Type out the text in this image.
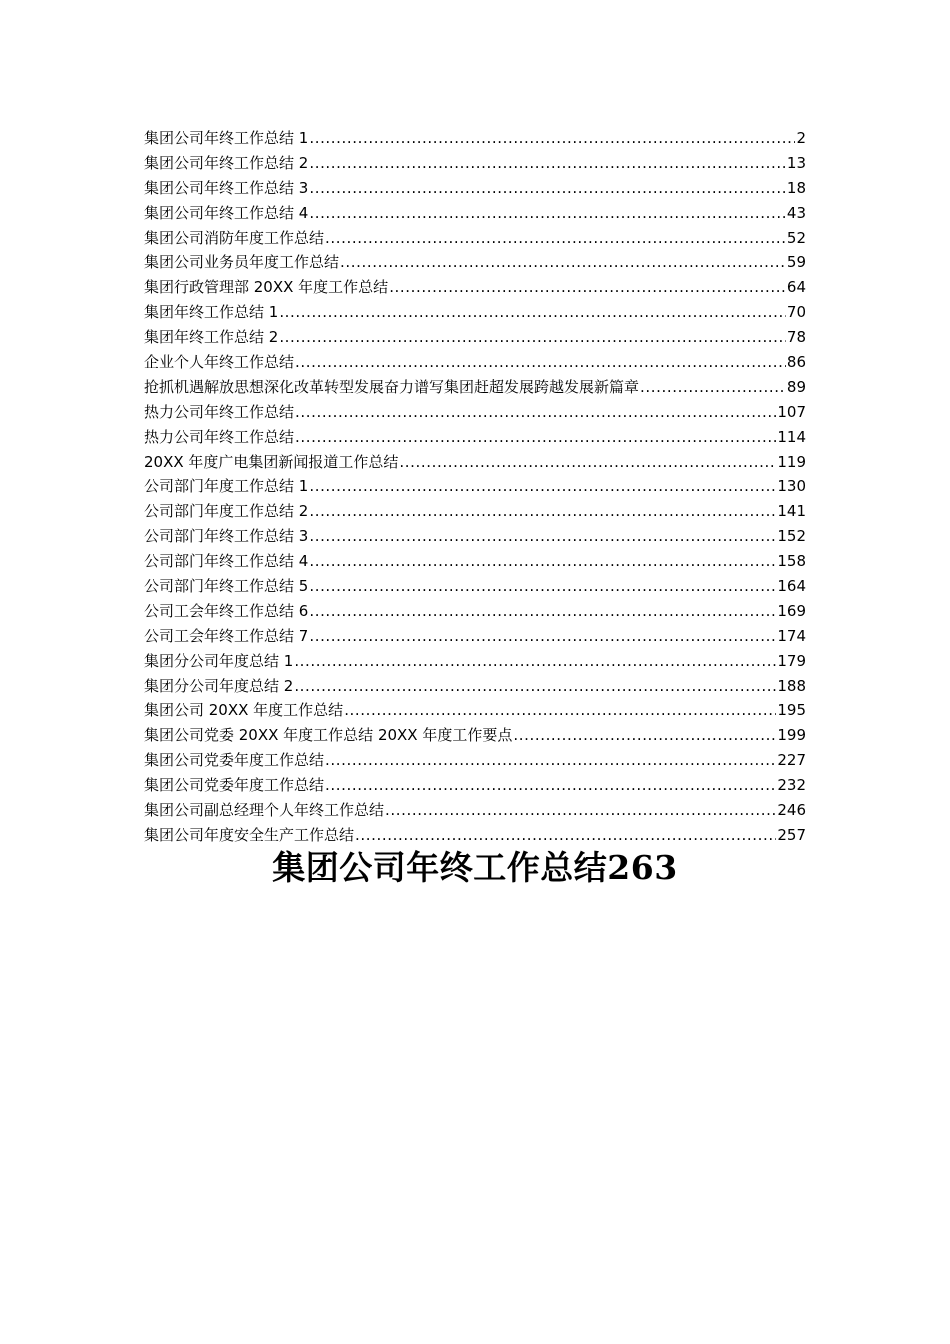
集团公司年终工作总结 1 .....	2
集团公司年终工作总结 2 .....	13
集团公司年终工作总结 3 .....	18
集团公司年终工作总结 4 .....	43
集团公司消防年度工作总结 .....	52
集团公司业务员年度工作总结 .....	59
集团行政管理部 20XX 年度工作总结 .....	64
集团年终工作总结 1 .....	70
集团年终工作总结 2 .....	78
企业个人年终工作总结 .....	86
抢抓机遇解放思想深化改革转型发展奋力谱写集团赶超发展跨越发展新篇章 .....	89
热力公司年终工作总结 .....	107
热力公司年终工作总结 .....	114
20XX 年度广电集团新闻报道工作总结 .....	119
公司部门年度工作总结 1 .....	130
公司部门年度工作总结 2 .....	141
公司部门年终工作总结 3 .....	152
公司部门年终工作总结 4 .....	158
公司部门年终工作总结 5 .....	164
公司工会年终工作总结 6 .....	169
公司工会年终工作总结 7 .....	174
集团分公司年度总结 1 .....	179
集团分公司年度总结 2 .....	188
集团公司 20XX 年度工作总结 .....	195
集团公司党委 20XX 年度工作总结 20XX 年度工作要点 .....	199
集团公司党委年度工作总结 .....	227
集团公司党委年度工作总结 .....	232
集团公司副总经理个人年终工作总结 .....	246
集团公司年度安全生产工作总结 .....	257
集团公司年终工作总结263
